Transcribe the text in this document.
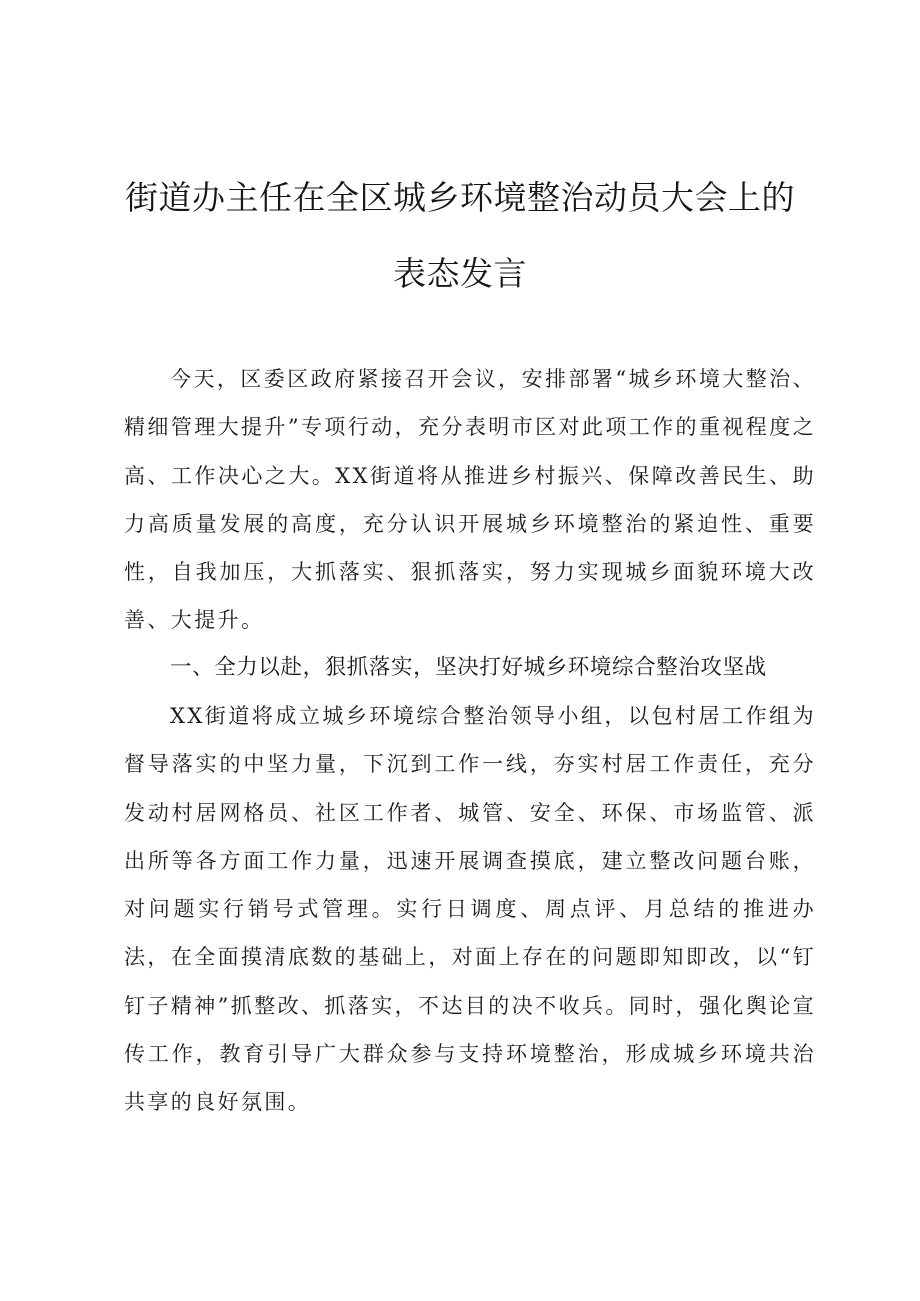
街道办主任在全区城乡环境整治动员大会上的
表态发言

今天，区委区政府紧接召开会议，安排部署“城乡环境大整治、精细管理大提升”专项行动，充分表明市区对此项工作的重视程度之高、工作决心之大。XX街道将从推进乡村振兴、保障改善民生、助力高质量发展的高度，充分认识开展城乡环境整治的紧迫性、重要性，自我加压，大抓落实、狠抓落实，努力实现城乡面貌环境大改善、大提升。

一、全力以赴，狠抓落实，坚决打好城乡环境综合整治攻坚战

XX街道将成立城乡环境综合整治领导小组，以包村居工作组为督导落实的中坚力量，下沉到工作一线，夯实村居工作责任，充分发动村居网格员、社区工作者、城管、安全、环保、市场监管、派出所等各方面工作力量，迅速开展调查摸底，建立整改问题台账，对问题实行销号式管理。实行日调度、周点评、月总结的推进办法，在全面摸清底数的基础上，对面上存在的问题即知即改，以“钉钉子精神”抓整改、抓落实，不达目的决不收兵。同时，强化舆论宣传工作，教育引导广大群众参与支持环境整治，形成城乡环境共治共享的良好氛围。
